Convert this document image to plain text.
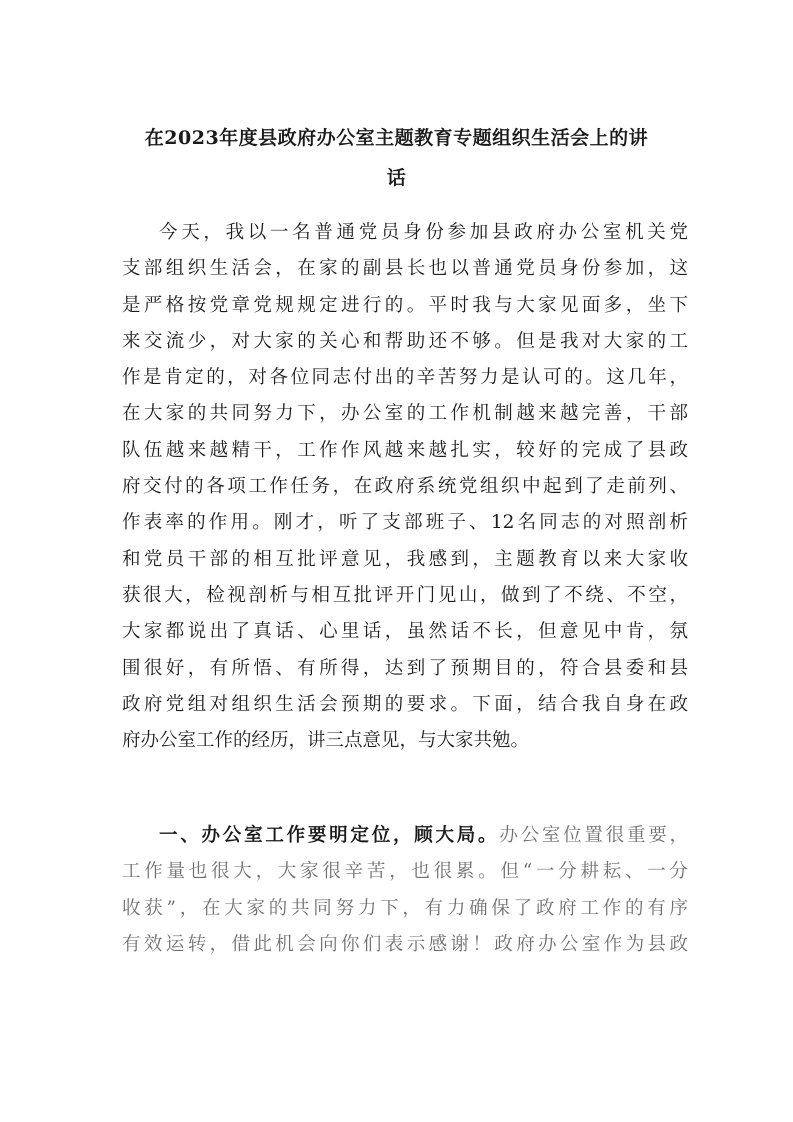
在2023年度县政府办公室主题教育专题组织生活会上的讲
话
今天，我以一名普通党员身份参加县政府办公室机关党
支部组织生活会，在家的副县长也以普通党员身份参加，这
是严格按党章党规规定进行的。平时我与大家见面多，坐下
来交流少，对大家的关心和帮助还不够。但是我对大家的工
作是肯定的，对各位同志付出的辛苦努力是认可的。这几年，
在大家的共同努力下，办公室的工作机制越来越完善，干部
队伍越来越精干，工作作风越来越扎实，较好的完成了县政
府交付的各项工作任务，在政府系统党组织中起到了走前列、
作表率的作用。刚才，听了支部班子、12名同志的对照剖析
和党员干部的相互批评意见，我感到，主题教育以来大家收
获很大，检视剖析与相互批评开门见山，做到了不绕、不空，
大家都说出了真话、心里话，虽然话不长，但意见中肯，氛
围很好，有所悟、有所得，达到了预期目的，符合县委和县
政府党组对组织生活会预期的要求。下面，结合我自身在政
府办公室工作的经历，讲三点意见，与大家共勉。
一、办公室工作要明定位，顾大局。办公室位置很重要，
工作量也很大，大家很辛苦，也很累。但“一分耕耘、一分
收获”，在大家的共同努力下，有力确保了政府工作的有序
有效运转，借此机会向你们表示感谢！政府办公室作为县政
